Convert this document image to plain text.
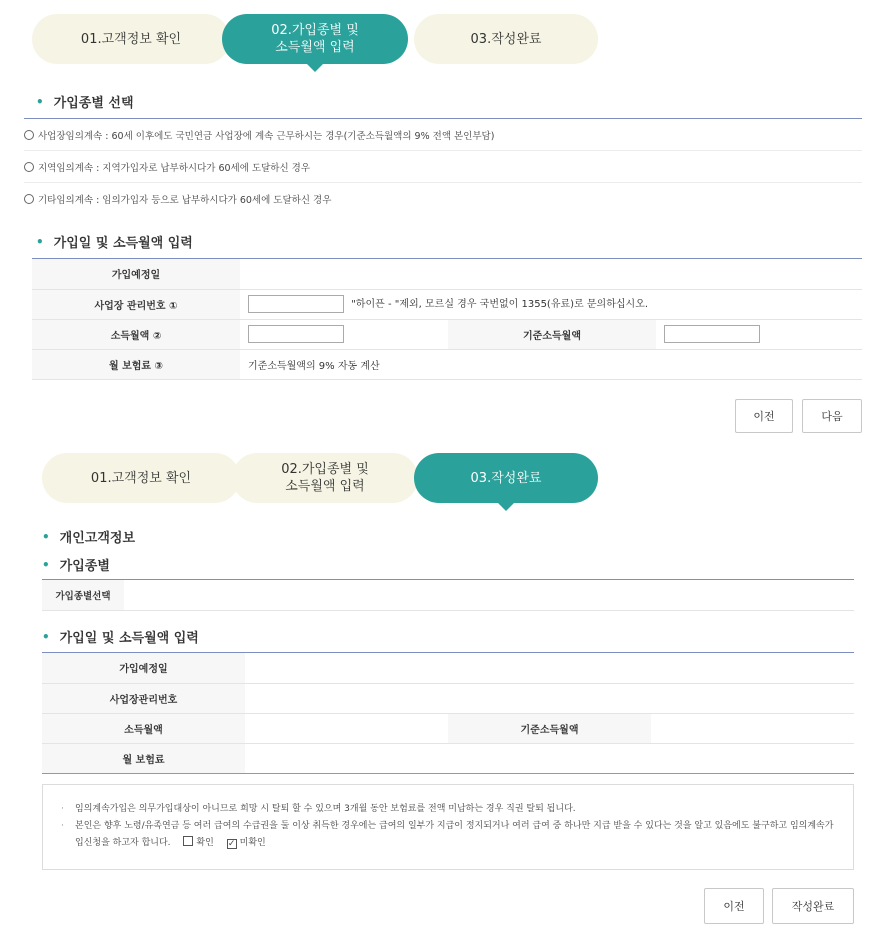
01.고객정보 확인	03.작성완료
02.가입종별 및
소득월액 입력
• 가입종별 선택
사업장임의계속 : 60세 이후에도 국민연금 사업장에 계속 근무하시는 경우(기준소득월액의 9% 전액 본인부담)
지역임의계속 : 지역가입자로 납부하시다가 60세에 도달하신 경우
기타임의계속 : 임의가입자 등으로 납부하시다가 60세에 도달하신 경우
• 가입일 및 소득월액 입력
가입예정일			
사업장 관리번호 ①	"하이픈 - "제외, 모르실 경우 국번없이 1355(유료)로 문의하십시오.		
소득월액 ②		기준소득월액	
월 보험료 ③	기준소득월액의 9% 자동 계산		
이전	다음
01.고객정보 확인
02.가입종별 및
소득월액 입력
03.작성완료
• 개인고객정보
• 가입종별
가입종별선택	
• 가입일 및 소득월액 입력
가입예정일			
사업장관리번호			
소득월액		기준소득월액	
월 보험료			
·	임의계속가입은 의무가입대상이 아니므로 희망 시 탈퇴 할 수 있으며 3개월 동안 보험료를 전액 미납하는 경우 직권 탈퇴 됩니다.
·	본인은 향후 노령/유족연금 등 여러 급여의 수급권을 둘 이상 취득한 경우에는 급여의 일부가 지급이 정지되거나 여러 급여 중 하나만 지급 받을 수 있다는 것을 알고 있음에도 불구하고 임의계속가입신청을 하고자 합니다.	확인 ✓ 미확인
이전	작성완료
